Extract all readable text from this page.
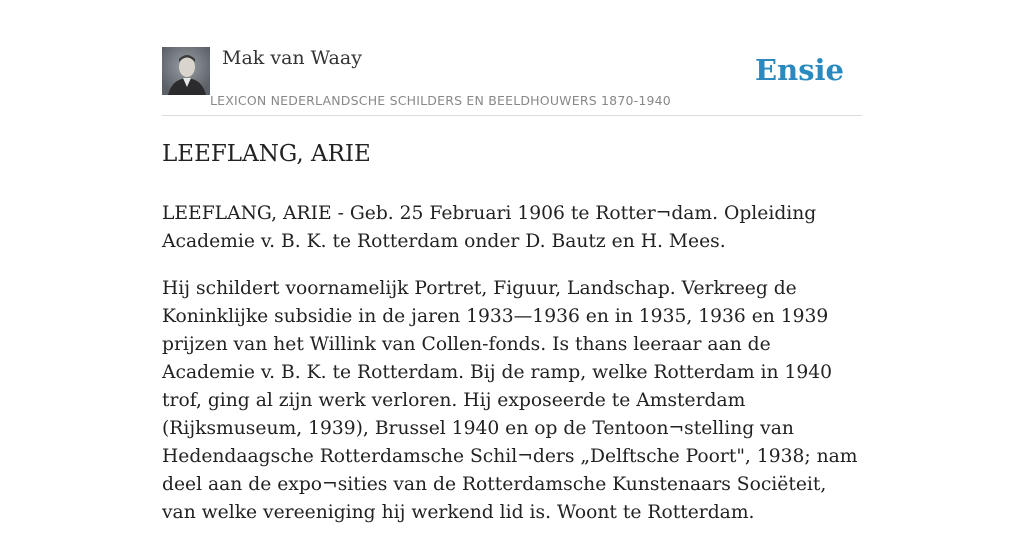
Mak van Waay
LEXICON NEDERLANDSCHE SCHILDERS EN BEELDHOUWERS 1870-1940
Ensie
LEEFLANG, ARIE

LEEFLANG, ARIE - Geb. 25 Februari 1906 te Rotter¬dam. Opleiding Academie v. B. K. te Rotterdam onder D. Bautz en H. Mees.

Hij schildert voornamelijk Portret, Figuur, Landschap. Verkreeg de Koninklijke subsidie in de jaren 1933—1936 en in 1935, 1936 en 1939 prijzen van het Willink van Collen-fonds. Is thans leeraar aan de Academie v. B. K. te Rotterdam. Bij de ramp, welke Rotterdam in 1940 trof, ging al zijn werk verloren. Hij exposeerde te Amsterdam (Rijksmuseum, 1939), Brussel 1940 en op de Tentoon¬stelling van Hedendaagsche Rotterdamsche Schil¬ders „Delftsche Poort", 1938; nam deel aan de expo¬sities van de Rotterdamsche Kunstenaars Sociëteit, van welke vereeniging hij werkend lid is. Woont te Rotterdam.
